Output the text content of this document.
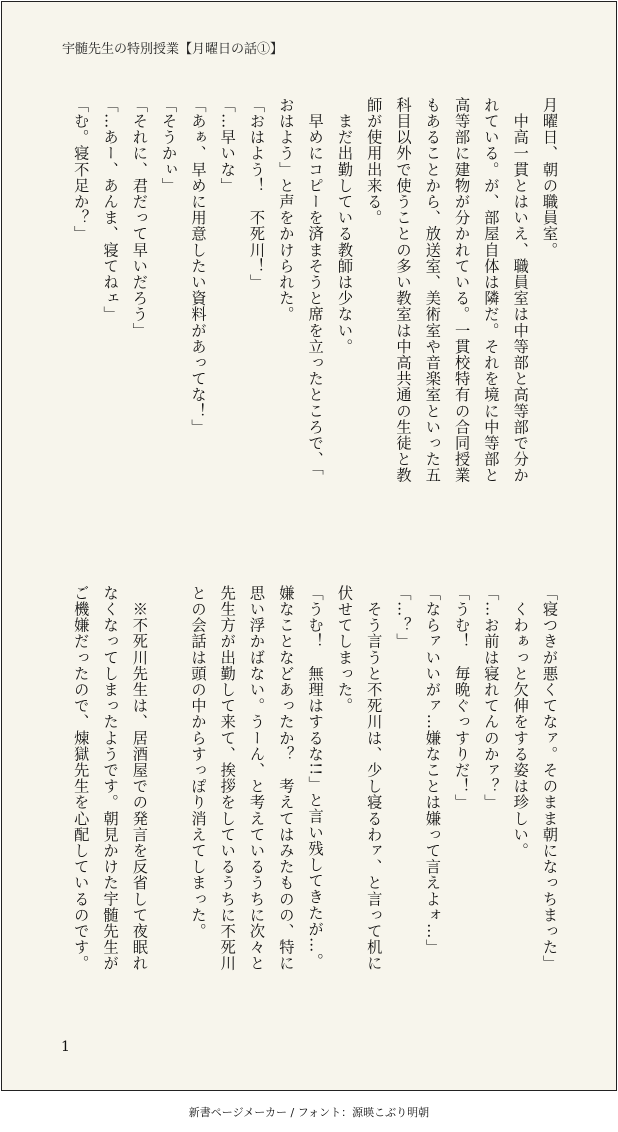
宇髄先生の特別授業【月曜日の話①】
月曜日、朝の職員室。
　中高一貫とはいえ、職員室は中等部と高等部で分か
れている。が、部屋自体は隣だ。それを境に中等部と
高等部に建物が分かれている。一貫校特有の合同授業
もあることから、放送室、美術室や音楽室といった五
科目以外で使うことの多い教室は中高共通の生徒と教
師が使用出来る。
　まだ出勤している教師は少ない。
　早めにコピーを済まそうと席を立ったところで、「
おはよう」と声をかけられた。
「おはよう！　不死川！」
「…早いな」
「あぁ、早めに用意したい資料があってな！」
「そうかぃ」
「それに、君だって早いだろう」
「…あー、あんま、寝てねェ」
「む。寝不足か？」
「寝つきが悪くてなァ。そのまま朝になっちまった」
　くわぁっと欠伸をする姿は珍しい。
「…お前は寝れてんのかァ？」
「うむ！　毎晩ぐっすりだ！」
「ならァいいがァ…嫌なことは嫌って言えよォ…」
「…？」
　そう言うと不死川は、少し寝るわァ、と言って机に
伏せてしまった。
「うむ！　無理はするな!!」と言い残してきたが…。
嫌なことなどあったか？　考えてはみたものの、特に
思い浮かばない。うーん、と考えているうちに次々と
先生方が出勤して来て、挨拶をしているうちに不死川
との会話は頭の中からすっぽり消えてしまった。
　※不死川先生は、居酒屋での発言を反省して夜眠れ
なくなってしまったようです。朝見かけた宇髄先生が
ご機嫌だったので、煉獄先生を心配しているのです。
1
新書ページメーカー / フォント：源暎こぶり明朝
